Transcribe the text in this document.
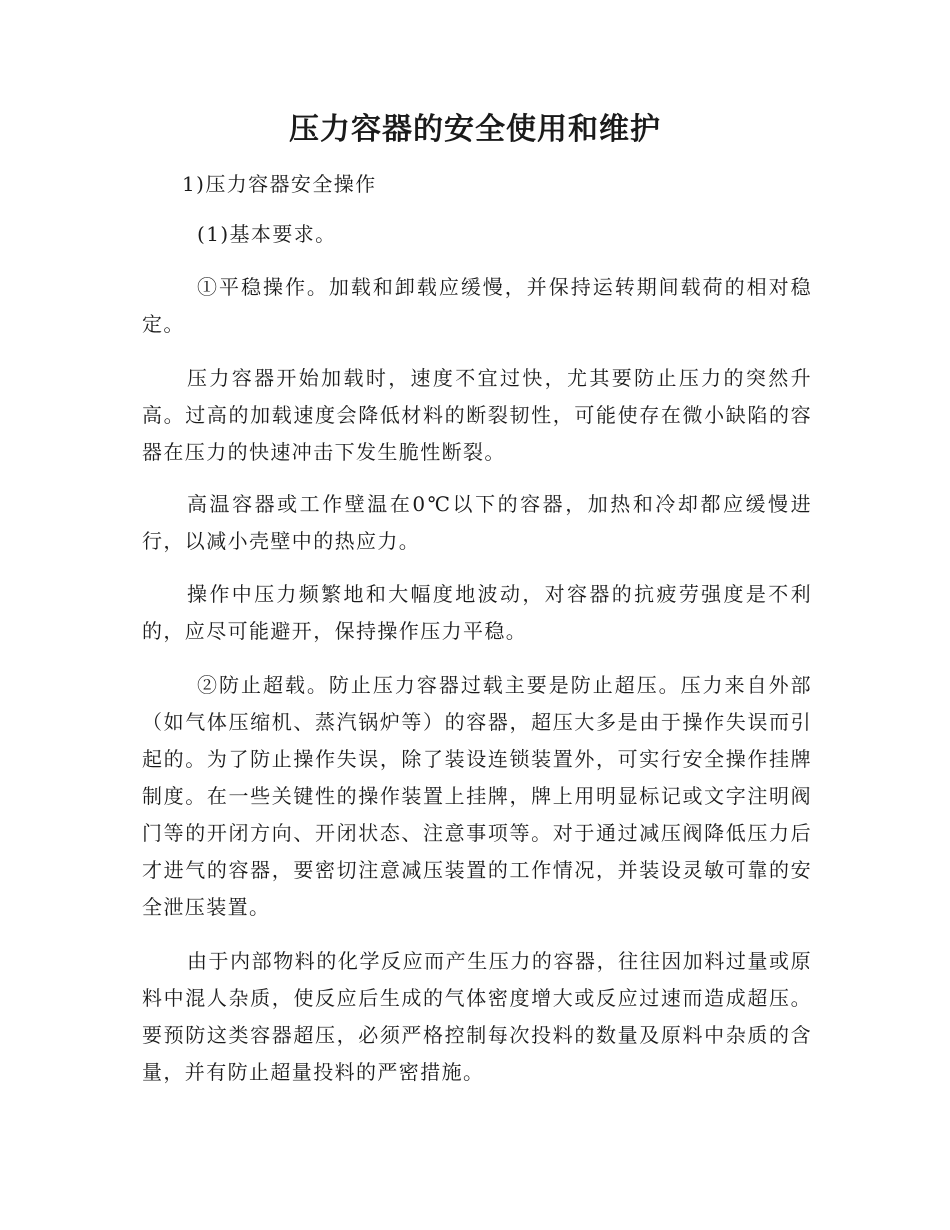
压力容器的安全使用和维护

1)压力容器安全操作

(1)基本要求。

①平稳操作。加载和卸载应缓慢，并保持运转期间载荷的相对稳定。

压力容器开始加载时，速度不宜过快，尤其要防止压力的突然升高。过高的加载速度会降低材料的断裂韧性，可能使存在微小缺陷的容器在压力的快速冲击下发生脆性断裂。

高温容器或工作壁温在0℃以下的容器，加热和冷却都应缓慢进行，以减小壳壁中的热应力。

操作中压力频繁地和大幅度地波动，对容器的抗疲劳强度是不利的，应尽可能避开，保持操作压力平稳。

②防止超载。防止压力容器过载主要是防止超压。压力来自外部（如气体压缩机、蒸汽锅炉等）的容器，超压大多是由于操作失误而引起的。为了防止操作失误，除了装设连锁装置外，可实行安全操作挂牌制度。在一些关键性的操作装置上挂牌，牌上用明显标记或文字注明阀门等的开闭方向、开闭状态、注意事项等。对于通过减压阀降低压力后才进气的容器，要密切注意减压装置的工作情况，并装设灵敏可靠的安全泄压装置。

由于内部物料的化学反应而产生压力的容器，往往因加料过量或原料中混人杂质，使反应后生成的气体密度增大或反应过速而造成超压。要预防这类容器超压，必须严格控制每次投料的数量及原料中杂质的含量，并有防止超量投料的严密措施。
